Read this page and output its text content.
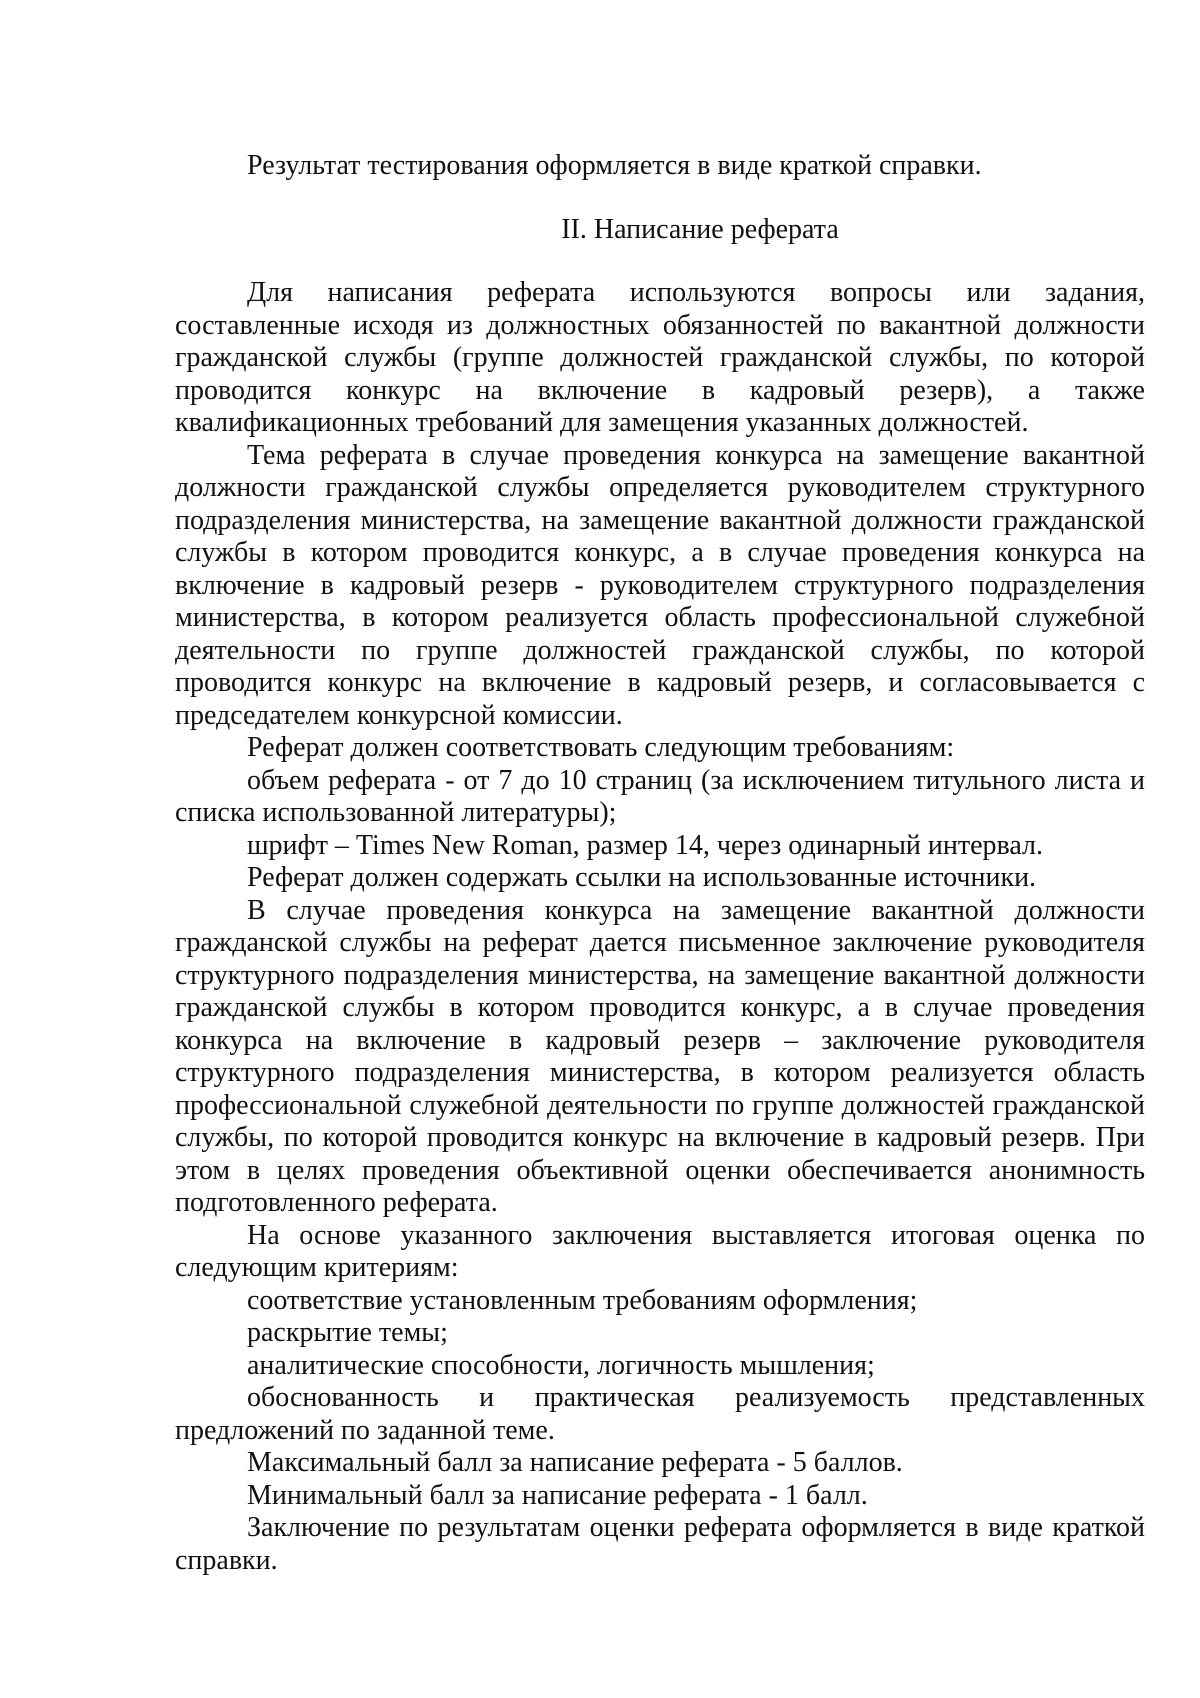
Результат тестирования оформляется в виде краткой справки.

II. Написание реферата

Для написания реферата используются вопросы или задания, составленные исходя из должностных обязанностей по вакантной должности гражданской службы (группе должностей гражданской службы, по которой проводится конкурс на включение в кадровый резерв), а также квалификационных требований для замещения указанных должностей.

Тема реферата в случае проведения конкурса на замещение вакантной должности гражданской службы определяется руководителем структурного подразделения министерства, на замещение вакантной должности гражданской службы в котором проводится конкурс, а в случае проведения конкурса на включение в кадровый резерв - руководителем структурного подразделения министерства, в котором реализуется область профессиональной служебной деятельности по группе должностей гражданской службы, по которой проводится конкурс на включение в кадровый резерв, и согласовывается с председателем конкурсной комиссии.

Реферат должен соответствовать следующим требованиям:

объем реферата - от 7 до 10 страниц (за исключением титульного листа и списка использованной литературы);

шрифт – Times New Roman, размер 14, через одинарный интервал.

Реферат должен содержать ссылки на использованные источники.

В случае проведения конкурса на замещение вакантной должности гражданской службы на реферат дается письменное заключение руководителя структурного подразделения министерства, на замещение вакантной должности гражданской службы в котором проводится конкурс, а в случае проведения конкурса на включение в кадровый резерв – заключение руководителя структурного подразделения министерства, в котором реализуется область профессиональной служебной деятельности по группе должностей гражданской службы, по которой проводится конкурс на включение в кадровый резерв. При этом в целях проведения объективной оценки обеспечивается анонимность подготовленного реферата.

На основе указанного заключения выставляется итоговая оценка по следующим критериям:

соответствие установленным требованиям оформления;

раскрытие темы;

аналитические способности, логичность мышления;

обоснованность и практическая реализуемость представленных предложений по заданной теме.

Максимальный балл за написание реферата - 5 баллов.

Минимальный балл за написание реферата - 1 балл.

Заключение по результатам оценки реферата оформляется в виде краткой справки.
